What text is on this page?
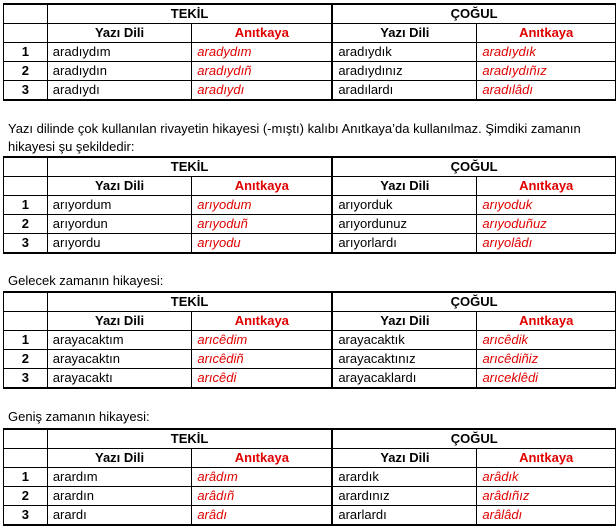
	TEKİL		ÇOĞUL	
	Yazı Dili	Anıtkaya	Yazı Dili	Anıtkaya
1	aradıydım	aradydım	aradıydık	aradıydık
2	aradıydın	aradıydıñ	aradıydınız	aradıydıñız
3	aradıydı	aradıydı	aradılardı	aradılâdı

Yazı dilinde çok kullanılan rivayetin hikayesi (-mıştı) kalıbı Anıtkaya’da kullanılmaz. Şimdiki zamanın hikayesi şu şekildedir:

	TEKİL		ÇOĞUL	
	Yazı Dili	Anıtkaya	Yazı Dili	Anıtkaya
1	arıyordum	arıyodum	arıyorduk	arıyoduk
2	arıyordun	arıyoduñ	arıyordunuz	arıyoduñuz
3	arıyordu	arıyodu	arıyorlardı	arıyolâdı

Gelecek zamanın hikayesi:

	TEKİL		ÇOĞUL	
	Yazı Dili	Anıtkaya	Yazı Dili	Anıtkaya
1	arayacaktım	arıcêdim	arayacaktık	arıcêdik
2	arayacaktın	arıcêdiñ	arayacaktınız	arıcêdiñiz
3	arayacaktı	arıcêdi	arayacaklardı	arıceklêdi

Geniş zamanın hikayesi:

	TEKİL		ÇOĞUL	
	Yazı Dili	Anıtkaya	Yazı Dili	Anıtkaya
1	arardım	arâdım	arardık	arâdık
2	arardın	arâdıñ	arardınız	arâdıñız
3	arardı	arâdı	ararlardı	arâlâdı
